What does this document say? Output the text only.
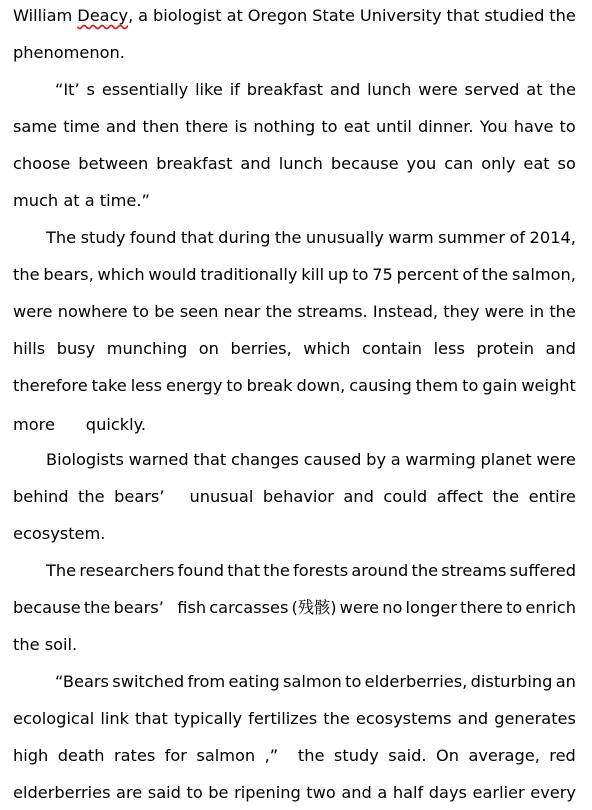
William Deacy, a biologist at Oregon State University that studied the
phenomenon.
“It’ s essentially like if breakfast and lunch were served at the
same time and then there is nothing to eat until dinner. You have to
choose between breakfast and lunch because you can only eat so
much at a time.”
The study found that during the unusually warm summer of 2014,
the bears, which would traditionally kill up to 75 percent of the salmon,
were nowhere to be seen near the streams. Instead, they were in the
hills busy munching on berries, which contain less protein and
therefore take less energy to break down, causing them to gain weight
more      quickly.
Biologists warned that changes caused by a warming planet were
behind the bears’ unusual behavior and could affect the entire
ecosystem.
The researchers found that the forests around the streams suffered
because the bears’ fish carcasses (残骸) were no longer there to enrich
the soil.
“Bears switched from eating salmon to elderberries, disturbing an
ecological link that typically fertilizes the ecosystems and generates
high death rates for salmon ,” the study said. On average, red
elderberries are said to be ripening two and a half days earlier every
